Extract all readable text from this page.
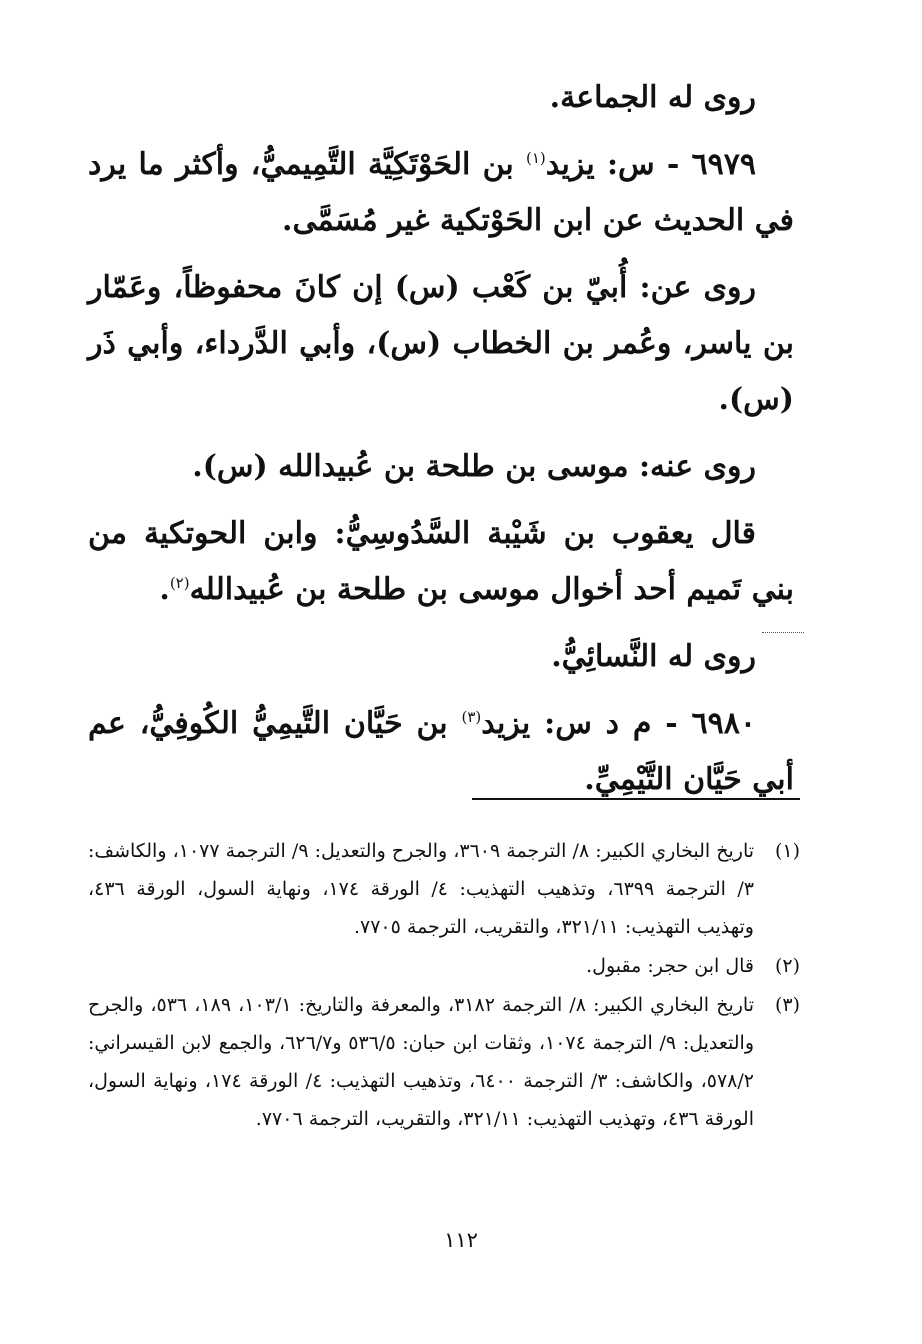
روى له الجماعة.

٦٩٧٩ - س: يزيد$^{(١)}$ بن الحَوْتَكِيَّة التَّمِيميُّ، وأكثر ما يرد في الحديث عن ابن الحَوْتكية غير مُسَمَّى.

روى عن: أُبيّ بن كَعْب (س) إن كانَ محفوظاً، وعَمّار بن ياسر، وعُمر بن الخطاب (س)، وأبي الدَّرداء، وأبي ذَر (س).

روى عنه: موسى بن طلحة بن عُبيدالله (س).

قال يعقوب بن شَيْبة السَّدُوسِيُّ: وابن الحوتكية من بني تَميم أحد أخوال موسى بن طلحة بن عُبيدالله$^{(٢)}$.

روى له النَّسائِيُّ.

٦٩٨٠ - م د س: يزيد$^{(٣)}$ بن حَيَّان التَّيمِيُّ الكُوفِيُّ، عم أبي حَيَّان التَّيْمِيِّ.

(١)
تاريخ البخاري الكبير: ٨/ الترجمة ٣٦٠٩، والجرح والتعديل: ٩/ الترجمة ١٠٧٧، والكاشف: ٣/ الترجمة ٦٣٩٩، وتذهيب التهذيب: ٤/ الورقة ١٧٤، ونهاية السول، الورقة ٤٣٦، وتهذيب التهذيب: ٣٢١/١١، والتقريب، الترجمة ٧٧٠٥.
(٢)
قال ابن حجر: مقبول.
(٣)
تاريخ البخاري الكبير: ٨/ الترجمة ٣١٨٢، والمعرفة والتاريخ: ١٠٣/١، ١٨٩، ٥٣٦، والجرح والتعديل: ٩/ الترجمة ١٠٧٤، وثقات ابن حبان: ٥٣٦/٥ و٦٢٦/٧، والجمع لابن القيسراني: ٥٧٨/٢، والكاشف: ٣/ الترجمة ٦٤٠٠، وتذهيب التهذيب: ٤/ الورقة ١٧٤، ونهاية السول، الورقة ٤٣٦، وتهذيب التهذيب: ٣٢١/١١، والتقريب، الترجمة ٧٧٠٦.
١١٢
